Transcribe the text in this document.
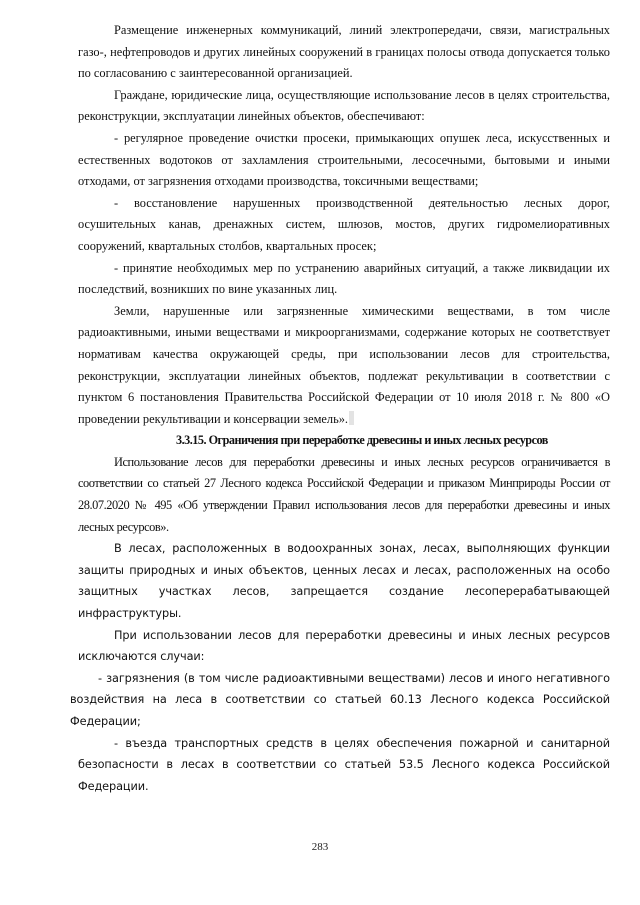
Размещение инженерных коммуникаций, линий электропередачи, связи, магистральных газо-, нефтепроводов и других линейных сооружений в границах полосы отвода допускается только по согласованию с заинтересованной организацией.

Граждане, юридические лица, осуществляющие использование лесов в целях строительства, реконструкции, эксплуатации линейных объектов, обеспечивают:

- регулярное проведение очистки просеки, примыкающих опушек леса, искусственных и естественных водотоков от захламления строительными, лесосечными, бытовыми и иными отходами, от загрязнения отходами производства, токсичными веществами;

- восстановление нарушенных производственной деятельностью лесных дорог, осушительных канав, дренажных систем, шлюзов, мостов, других гидромелиоративных сооружений, квартальных столбов, квартальных просек;

- принятие необходимых мер по устранению аварийных ситуаций, а также ликвидации их последствий, возникших по вине указанных лиц.

Земли, нарушенные или загрязненные химическими веществами, в том числе радиоактивными, иными веществами и микроорганизмами, содержание которых не соответствует нормативам качества окружающей среды, при использовании лесов для строительства, реконструкции, эксплуатации линейных объектов, подлежат рекультивации в соответствии с пунктом 6 постановления Правительства Российской Федерации от 10 июля 2018 г. № 800 «О проведении рекультивации и консервации земель».

3.3.15. Ограничения при переработке древесины и иных лесных ресурсов

Использование лесов для переработки древесины и иных лесных ресурсов ограничивается в соответствии со статьей 27 Лесного кодекса Российской Федерации и приказом Минприроды России от 28.07.2020 № 495 «Об утверждении Правил использования лесов для переработки древесины и иных лесных ресурсов».

В лесах, расположенных в водоохранных зонах, лесах, выполняющих функции защиты природных и иных объектов, ценных лесах и лесах, расположенных на особо защитных участках лесов, запрещается создание лесоперерабатывающей инфраструктуры.

При использовании лесов для переработки древесины и иных лесных ресурсов исключаются случаи:

- загрязнения (в том числе радиоактивными веществами) лесов и иного негативного воздействия на леса в соответствии со статьей 60.13 Лесного кодекса Российской Федерации;

- въезда транспортных средств в целях обеспечения пожарной и санитарной безопасности в лесах в соответствии со статьей 53.5 Лесного кодекса Российской Федерации.

283
